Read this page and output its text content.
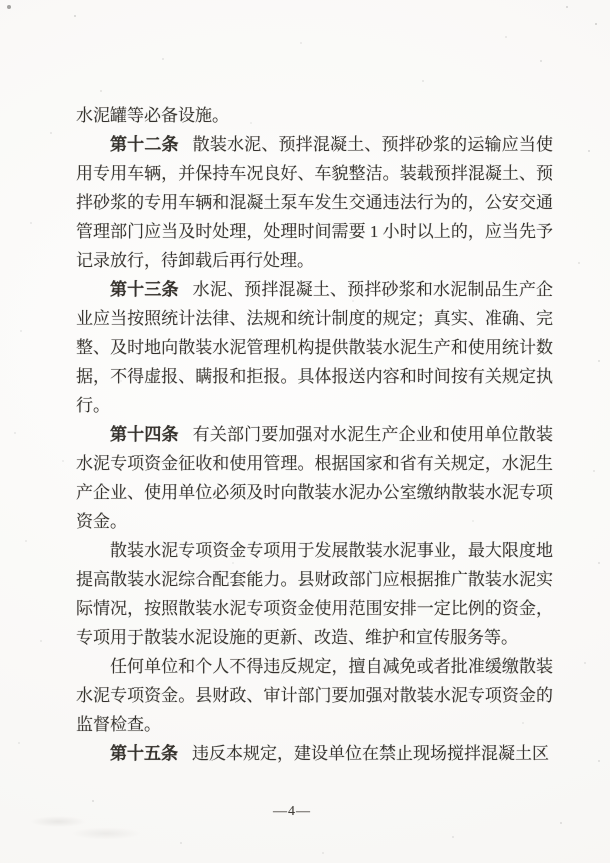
水泥罐等必备设施。

第十二条 散装水泥、预拌混凝土、预拌砂浆的运输应当使用专用车辆，并保持车况良好、车貌整洁。装载预拌混凝土、预拌砂浆的专用车辆和混凝土泵车发生交通违法行为的，公安交通管理部门应当及时处理，处理时间需要 1 小时以上的，应当先予记录放行，待卸载后再行处理。

第十三条 水泥、预拌混凝土、预拌砂浆和水泥制品生产企业应当按照统计法律、法规和统计制度的规定；真实、准确、完整、及时地向散装水泥管理机构提供散装水泥生产和使用统计数据，不得虚报、瞒报和拒报。具体报送内容和时间按有关规定执行。

第十四条 有关部门要加强对水泥生产企业和使用单位散装水泥专项资金征收和使用管理。根据国家和省有关规定，水泥生产企业、使用单位必须及时向散装水泥办公室缴纳散装水泥专项资金。

散装水泥专项资金专项用于发展散装水泥事业，最大限度地提高散装水泥综合配套能力。县财政部门应根据推广散装水泥实际情况，按照散装水泥专项资金使用范围安排一定比例的资金，专项用于散装水泥设施的更新、改造、维护和宣传服务等。

任何单位和个人不得违反规定，擅自减免或者批准缓缴散装水泥专项资金。县财政、审计部门要加强对散装水泥专项资金的监督检查。

第十五条 违反本规定，建设单位在禁止现场搅拌混凝土区

—4—
